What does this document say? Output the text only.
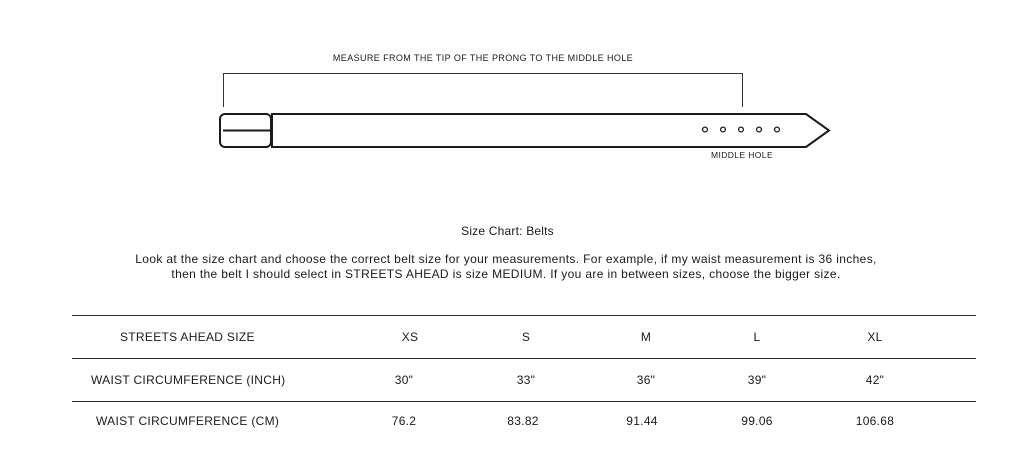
MEASURE FROM THE TIP OF THE PRONG TO THE MIDDLE HOLE
MIDDLE HOLE
Size Chart: Belts
Look at the size chart and choose the correct belt size for your measurements. For example, if my waist measurement is 36 inches,
then the belt I should select in STREETS AHEAD is size MEDIUM. If you are in between sizes, choose the bigger size.
STREETS AHEAD SIZE	XS	S	M	L	XL
WAIST CIRCUMFERENCE (INCH)	30"	33"	36"	39"	42"
WAIST CIRCUMFERENCE (CM)	76.2	83.82	91.44	99.06	106.68
